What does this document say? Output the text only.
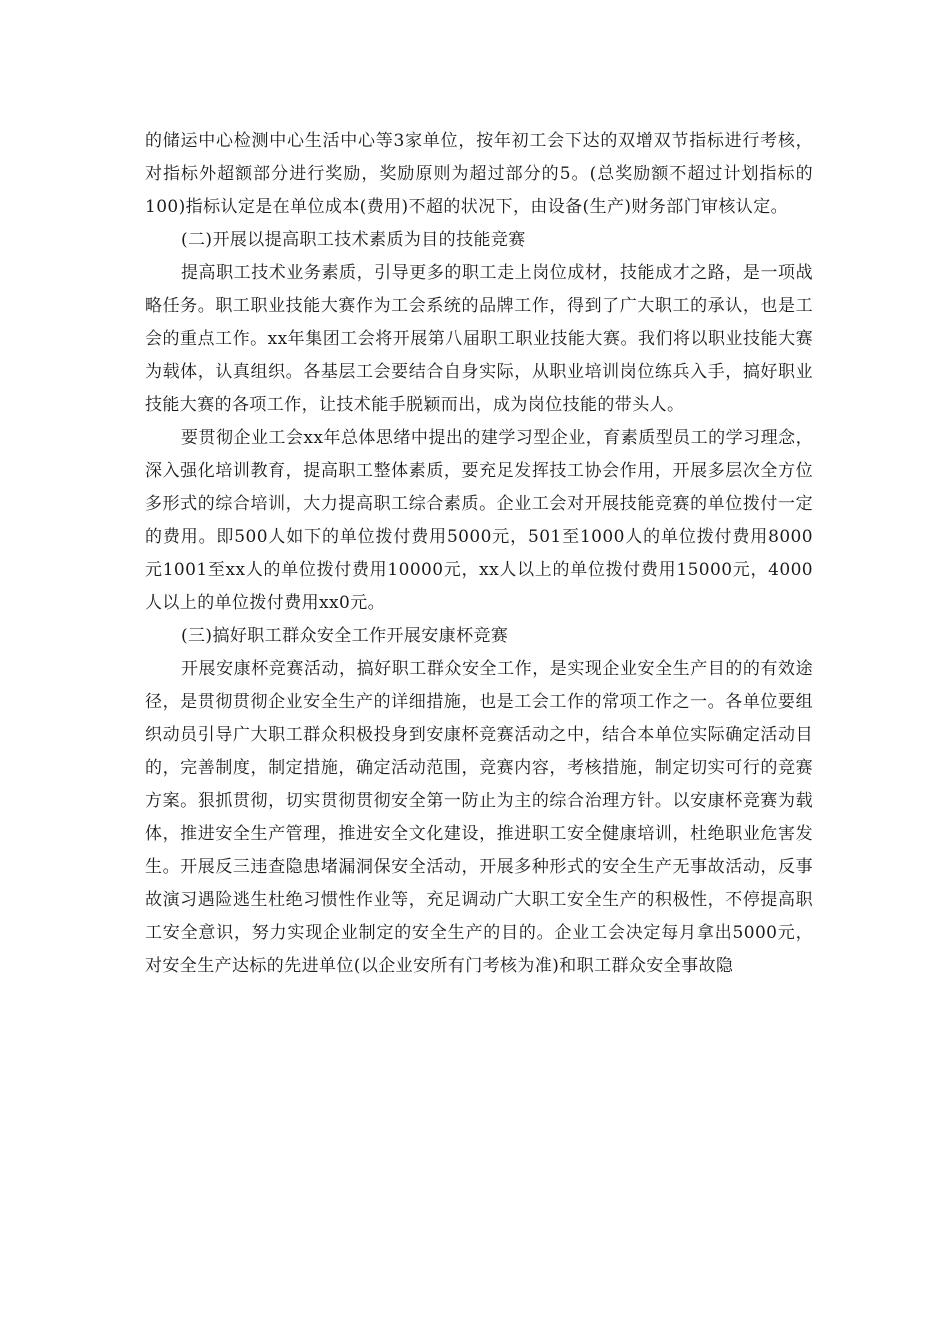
的储运中心检测中心生活中心等3家单位，按年初工会下达的双增双节指标进行考核，对指标外超额部分进行奖励，奖励原则为超过部分的5。(总奖励额不超过计划指标的100)指标认定是在单位成本(费用)不超的状况下，由设备(生产)财务部门审核认定。

(二)开展以提高职工技术素质为目的技能竞赛

提高职工技术业务素质，引导更多的职工走上岗位成材，技能成才之路，是一项战略任务。职工职业技能大赛作为工会系统的品牌工作，得到了广大职工的承认，也是工会的重点工作。xx年集团工会将开展第八届职工职业技能大赛。我们将以职业技能大赛为载体，认真组织。各基层工会要结合自身实际，从职业培训岗位练兵入手，搞好职业技能大赛的各项工作，让技术能手脱颖而出，成为岗位技能的带头人。

要贯彻企业工会xx年总体思绪中提出的建学习型企业，育素质型员工的学习理念，深入强化培训教育，提高职工整体素质，要充足发挥技工协会作用，开展多层次全方位多形式的综合培训，大力提高职工综合素质。企业工会对开展技能竞赛的单位拨付一定的费用。即500人如下的单位拨付费用5000元，501至1000人的单位拨付费用8000元1001至xx人的单位拨付费用10000元，xx人以上的单位拨付费用15000元，4000人以上的单位拨付费用xx0元。

(三)搞好职工群众安全工作开展安康杯竞赛

开展安康杯竞赛活动，搞好职工群众安全工作，是实现企业安全生产目的的有效途径，是贯彻贯彻企业安全生产的详细措施，也是工会工作的常项工作之一。各单位要组织动员引导广大职工群众积极投身到安康杯竞赛活动之中，结合本单位实际确定活动目的，完善制度，制定措施，确定活动范围，竞赛内容，考核措施，制定切实可行的竞赛方案。狠抓贯彻，切实贯彻贯彻安全第一防止为主的综合治理方针。以安康杯竞赛为载体，推进安全生产管理，推进安全文化建设，推进职工安全健康培训，杜绝职业危害发生。开展反三违查隐患堵漏洞保安全活动，开展多种形式的安全生产无事故活动，反事故演习遇险逃生杜绝习惯性作业等，充足调动广大职工安全生产的积极性，不停提高职工安全意识，努力实现企业制定的安全生产的目的。企业工会决定每月拿出5000元，对安全生产达标的先进单位(以企业安所有门考核为准)和职工群众安全事故隐
